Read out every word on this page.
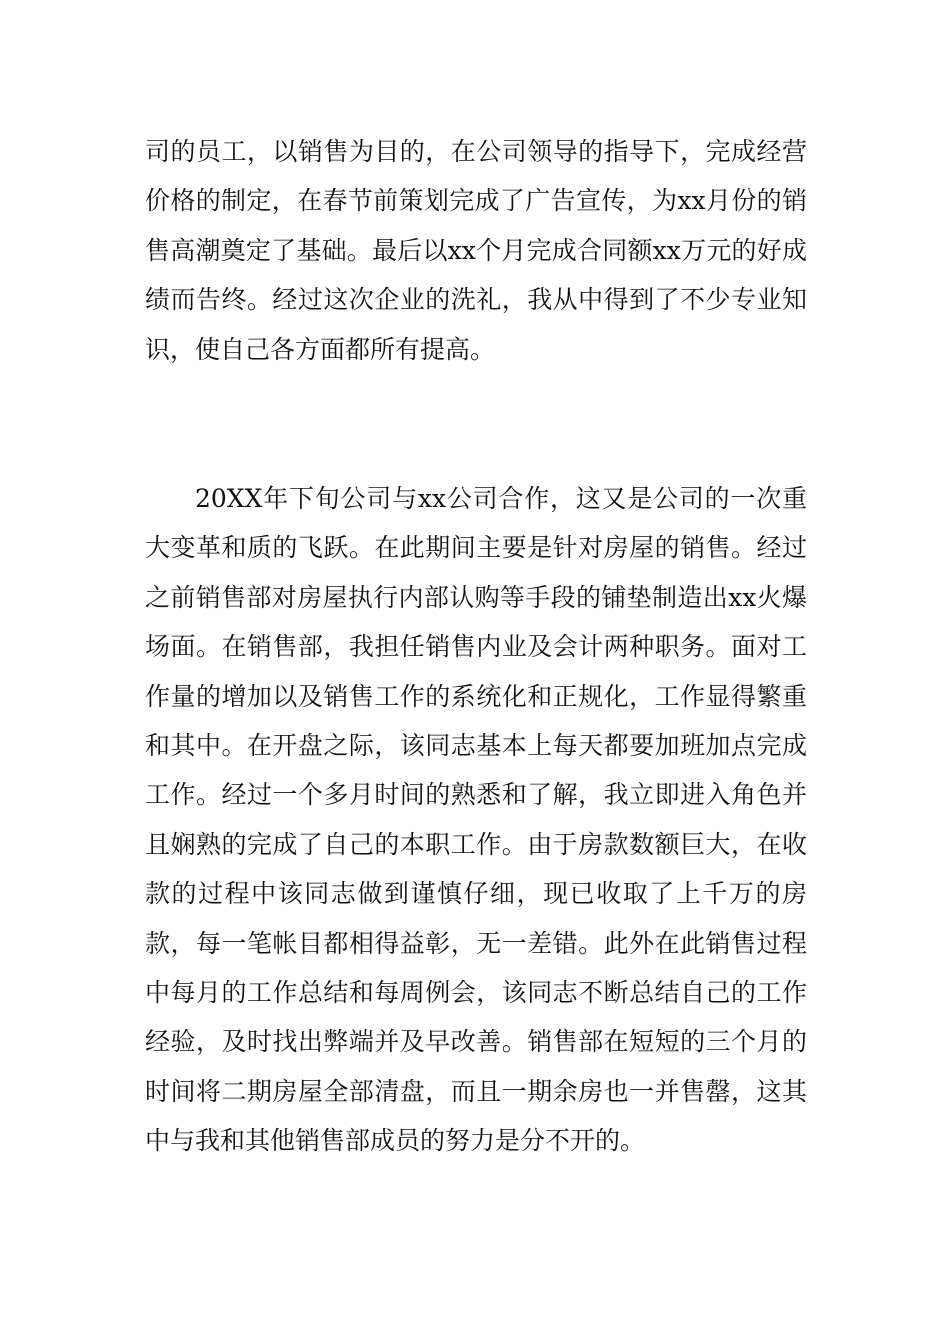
司的员工，以销售为目的，在公司领导的指导下，完成经营价格的制定，在春节前策划完成了广告宣传，为xx月份的销售高潮奠定了基础。最后以xx个月完成合同额xx万元的好成绩而告终。经过这次企业的洗礼，我从中得到了不少专业知识，使自己各方面都所有提高。

20XX年下旬公司与xx公司合作，这又是公司的一次重大变革和质的飞跃。在此期间主要是针对房屋的销售。经过之前销售部对房屋执行内部认购等手段的铺垫制造出xx火爆场面。在销售部，我担任销售内业及会计两种职务。面对工作量的增加以及销售工作的系统化和正规化，工作显得繁重和其中。在开盘之际，该同志基本上每天都要加班加点完成工作。经过一个多月时间的熟悉和了解，我立即进入角色并且娴熟的完成了自己的本职工作。由于房款数额巨大，在收款的过程中该同志做到谨慎仔细，现已收取了上千万的房款，每一笔帐目都相得益彰，无一差错。此外在此销售过程中每月的工作总结和每周例会，该同志不断总结自己的工作经验，及时找出弊端并及早改善。销售部在短短的三个月的时间将二期房屋全部清盘，而且一期余房也一并售罄，这其中与我和其他销售部成员的努力是分不开的。
